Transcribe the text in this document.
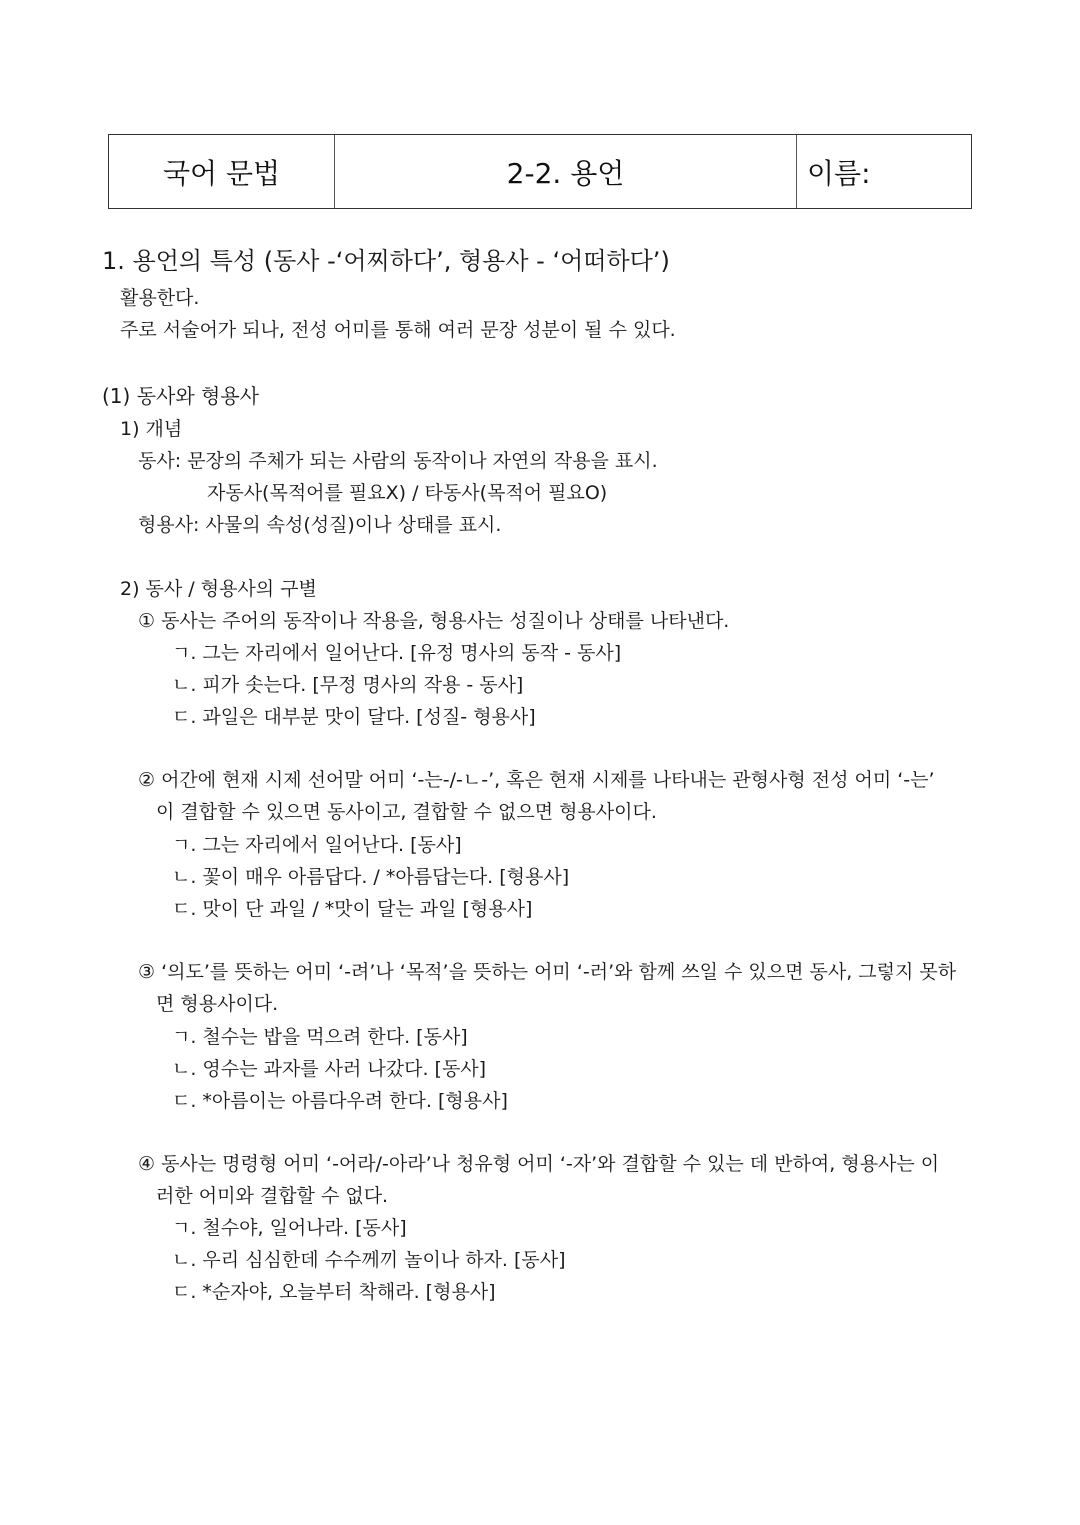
국어 문법	2-2. 용언	이름:
1. 용언의 특성 (동사 -‘어찌하다’, 형용사 - ‘어떠하다’)
활용한다.
주로 서술어가 되나, 전성 어미를 통해 여러 문장 성분이 될 수 있다.
(1) 동사와 형용사
1) 개념
동사: 문장의 주체가 되는 사람의 동작이나 자연의 작용을 표시.
자동사(목적어를 필요X) / 타동사(목적어 필요O)
형용사: 사물의 속성(성질)이나 상태를 표시.
2) 동사 / 형용사의 구별
① 동사는 주어의 동작이나 작용을, 형용사는 성질이나 상태를 나타낸다.
ㄱ. 그는 자리에서 일어난다. [유정 명사의 동작 - 동사]
ㄴ. 피가 솟는다. [무정 명사의 작용 - 동사]
ㄷ. 과일은 대부분 맛이 달다. [성질- 형용사]
② 어간에 현재 시제 선어말 어미 ‘-는-/-ㄴ-’, 혹은 현재 시제를 나타내는 관형사형 전성 어미 ‘-는’
이 결합할 수 있으면 동사이고, 결합할 수 없으면 형용사이다.
ㄱ. 그는 자리에서 일어난다. [동사]
ㄴ. 꽃이 매우 아름답다. / *아름답는다. [형용사]
ㄷ. 맛이 단 과일 / *맛이 달는 과일 [형용사]
③ ‘의도’를 뜻하는 어미 ‘-려’나 ‘목적’을 뜻하는 어미 ‘-러’와 함께 쓰일 수 있으면 동사, 그렇지 못하
면 형용사이다.
ㄱ. 철수는 밥을 먹으려 한다. [동사]
ㄴ. 영수는 과자를 사러 나갔다. [동사]
ㄷ. *아름이는 아름다우려 한다. [형용사]
④ 동사는 명령형 어미 ‘-어라/-아라’나 청유형 어미 ‘-자’와 결합할 수 있는 데 반하여, 형용사는 이
러한 어미와 결합할 수 없다.
ㄱ. 철수야, 일어나라. [동사]
ㄴ. 우리 심심한데 수수께끼 놀이나 하자. [동사]
ㄷ. *순자야, 오늘부터 착해라. [형용사]
